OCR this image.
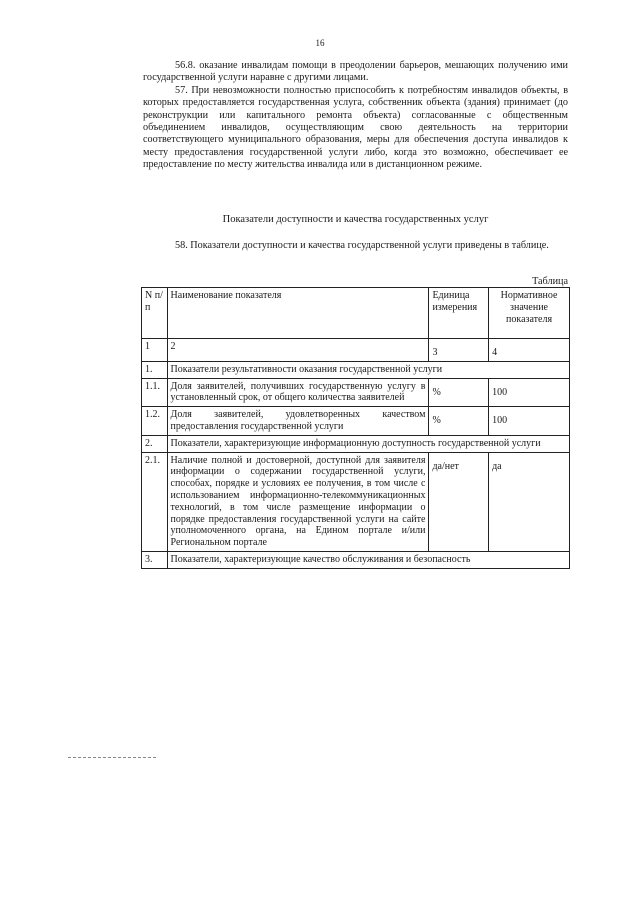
16
56.8. оказание инвалидам помощи в преодолении барьеров, мешающих получению ими государственной услуги наравне с другими лицами.
57. При невозможности полностью приспособить к потребностям инвалидов объекты, в которых предоставляется государственная услуга, собственник объекта (здания) принимает (до реконструкции или капитального ремонта объекта) согласованные с общественным объединением инвалидов, осуществляющим свою деятельность на территории соответствующего муниципального образования, меры для обеспечения доступа инвалидов к месту предоставления государственной услуги либо, когда это возможно, обеспечивает ее предоставление по месту жительства инвалида или в дистанционном режиме.
Показатели доступности и качества государственных услуг
58. Показатели доступности и качества государственной услуги приведены в таблице.
Таблица
N п/п	Наименование показателя	Единица измерения	Нормативное значение показателя
1	2	3	4
1.	Показатели результативности оказания государственной услуги		
1.1.	Доля заявителей, получивших государственную услугу в установленный срок, от общего количества заявителей	%	100
1.2.	Доля заявителей, удовлетворенных качеством предоставления государственной услуги	%	100
2.	Показатели, характеризующие информационную доступность государственной услуги		
2.1.	Наличие полной и достоверной, доступной для заявителя информации о содержании государственной услуги, способах, порядке и условиях ее получения, в том числе с использованием информационно-телекоммуникационных технологий, в том числе размещение информации о порядке предоставления государственной услуги на сайте уполномоченного органа, на Едином портале и/или Региональном портале	да/нет	да
3.	Показатели, характеризующие качество обслуживания и безопасность		
